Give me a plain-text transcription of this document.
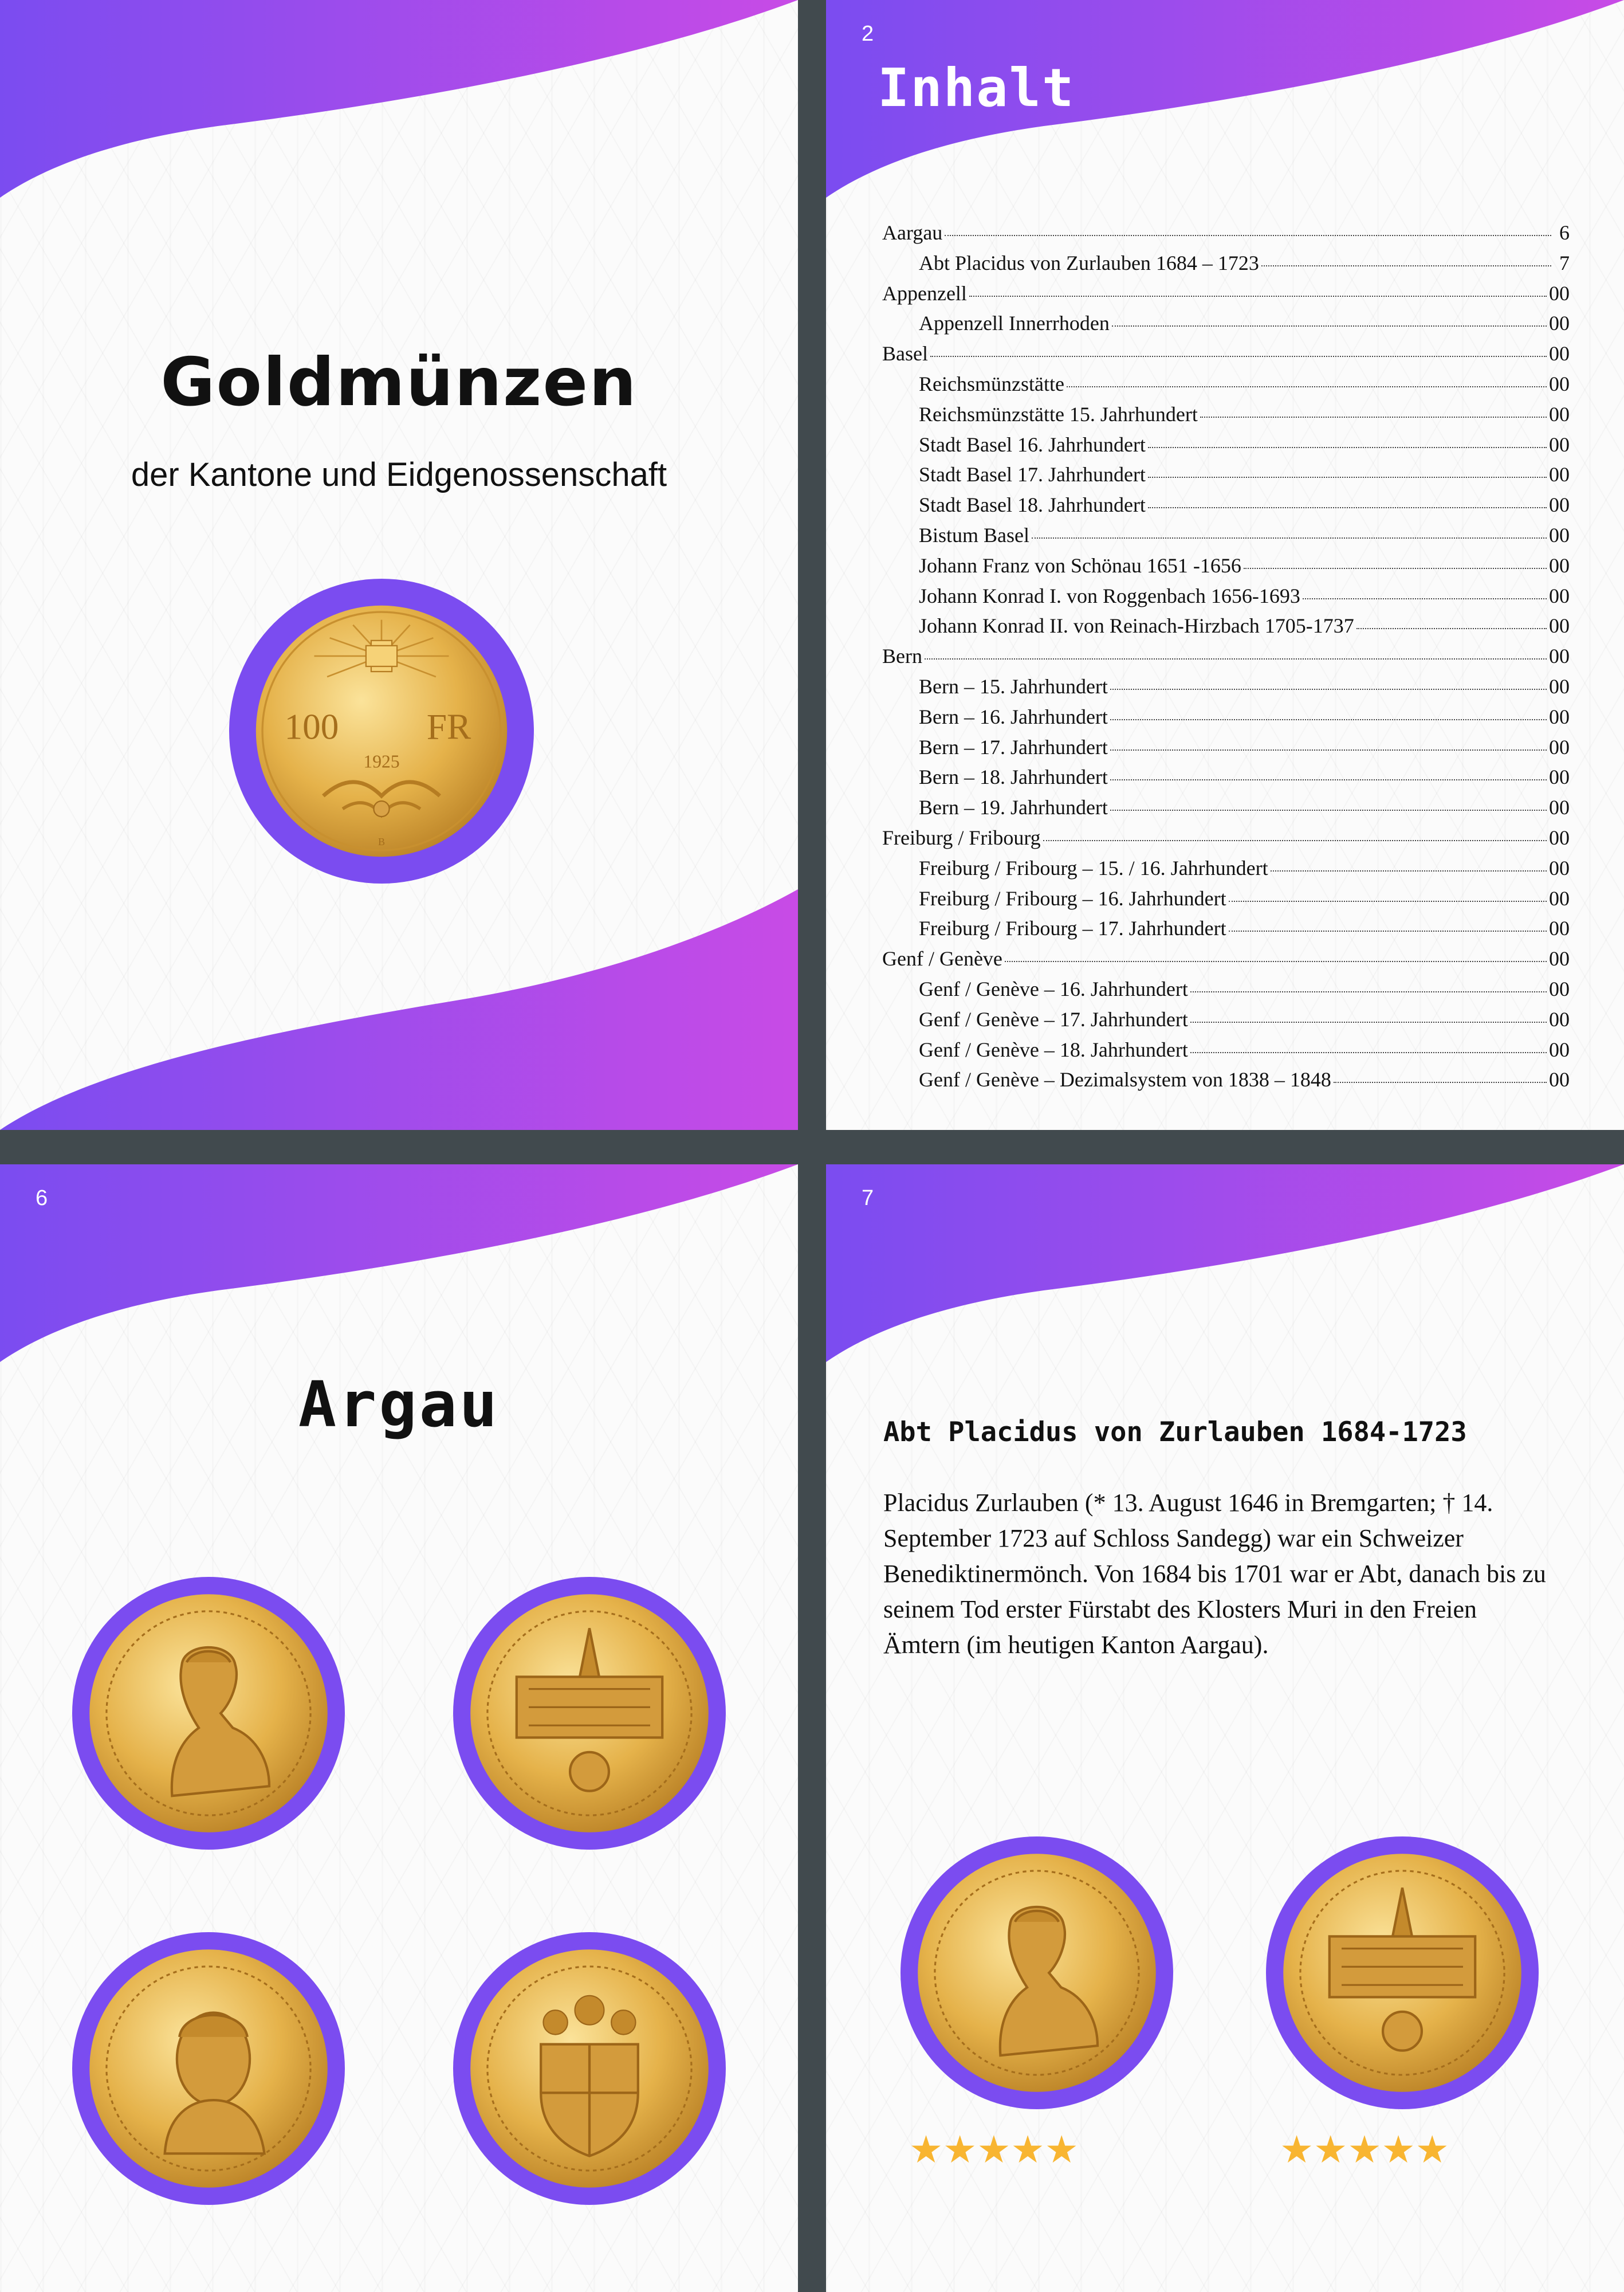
Goldmünzen
der Kantone und Eidgenossenschaft
100	FR
1925
B
2
Inhalt
Aargau	6
Abt Placidus von Zurlauben 1684 – 1723	7
Appenzell	00
Appenzell Innerrhoden	00
Basel	00
Reichsmünzstätte	00
Reichsmünzstätte 15. Jahrhundert	00
Stadt Basel 16. Jahrhundert	00
Stadt Basel 17. Jahrhundert	00
Stadt Basel 18. Jahrhundert	00
Bistum Basel	00
Johann Franz von Schönau 1651 -1656	00
Johann Konrad I. von Roggenbach 1656-1693	00
Johann Konrad II. von Reinach-Hirzbach 1705-1737	00
Bern	00
Bern – 15. Jahrhundert	00
Bern – 16. Jahrhundert	00
Bern – 17. Jahrhundert	00
Bern – 18. Jahrhundert	00
Bern – 19. Jahrhundert	00
Freiburg / Fribourg	00
Freiburg / Fribourg – 15. / 16. Jahrhundert	00
Freiburg / Fribourg – 16. Jahrhundert	00
Freiburg / Fribourg – 17. Jahrhundert	00
Genf / Genève	00
Genf / Genève – 16. Jahrhundert	00
Genf / Genève – 17. Jahrhundert	00
Genf / Genève – 18. Jahrhundert	00
Genf / Genève – Dezimalsystem von 1838 – 1848	00
6
Argau
7
Abt Placidus von Zurlauben 1684-1723

Placidus Zurlauben (* 13. August 1646 in Bremgarten; † 14. September 1723 auf Schloss Sandegg) war ein Schweizer Benediktinermönch. Von 1684 bis 1701 war er Abt, danach bis zu seinem Tod erster Fürstabt des Klosters Muri in den Freien Ämtern (im heutigen Kanton Aargau).

★★★★★	★★★★★
